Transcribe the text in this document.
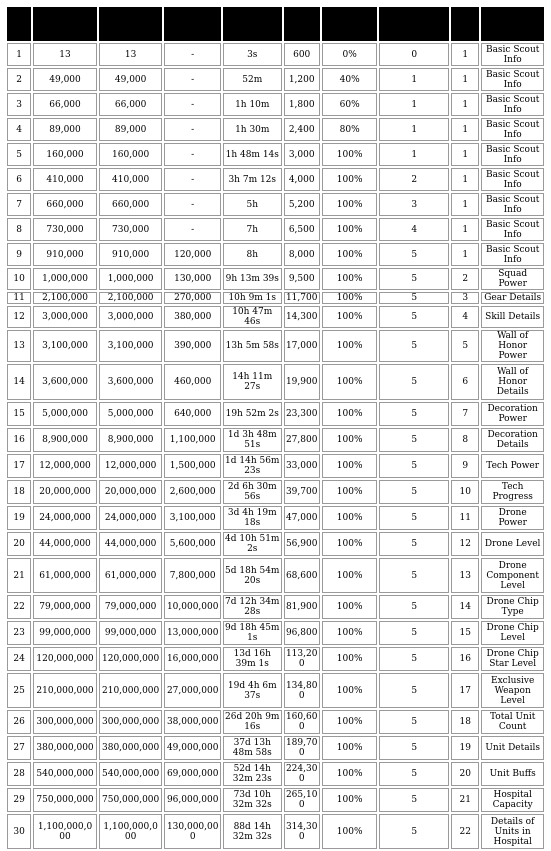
1	13	13	-	3s	600	0%	0	1	Basic Scout Info
2	49,000	49,000	-	52m	1,200	40%	1	1	Basic Scout Info
3	66,000	66,000	-	1h 10m	1,800	60%	1	1	Basic Scout Info
4	89,000	89,000	-	1h 30m	2,400	80%	1	1	Basic Scout Info
5	160,000	160,000	-	1h 48m 14s	3,000	100%	1	1	Basic Scout Info
6	410,000	410,000	-	3h 7m 12s	4,000	100%	2	1	Basic Scout Info
7	660,000	660,000	-	5h	5,200	100%	3	1	Basic Scout Info
8	730,000	730,000	-	7h	6,500	100%	4	1	Basic Scout Info
9	910,000	910,000	120,000	8h	8,000	100%	5	1	Basic Scout Info
10	1,000,000	1,000,000	130,000	9h 13m 39s	9,500	100%	5	2	Squad Power
11	2,100,000	2,100,000	270,000	10h 9m 1s	11,700	100%	5	3	Gear Details
12	3,000,000	3,000,000	380,000	10h 47m 46s	14,300	100%	5	4	Skill Details
13	3,100,000	3,100,000	390,000	13h 5m 58s	17,000	100%	5	5	Wall of Honor Power
14	3,600,000	3,600,000	460,000	14h 11m 27s	19,900	100%	5	6	Wall of Honor Details
15	5,000,000	5,000,000	640,000	19h 52m 2s	23,300	100%	5	7	Decoration Power
16	8,900,000	8,900,000	1,100,000	1d 3h 48m 51s	27,800	100%	5	8	Decoration Details
17	12,000,000	12,000,000	1,500,000	1d 14h 56m 23s	33,000	100%	5	9	Tech Power
18	20,000,000	20,000,000	2,600,000	2d 6h 30m 56s	39,700	100%	5	10	Tech Progress
19	24,000,000	24,000,000	3,100,000	3d 4h 19m 18s	47,000	100%	5	11	Drone Power
20	44,000,000	44,000,000	5,600,000	4d 10h 51m 2s	56,900	100%	5	12	Drone Level
21	61,000,000	61,000,000	7,800,000	5d 18h 54m 20s	68,600	100%	5	13	Drone Component Level
22	79,000,000	79,000,000	10,000,000	7d 12h 34m 28s	81,900	100%	5	14	Drone Chip Type
23	99,000,000	99,000,000	13,000,000	9d 18h 45m 1s	96,800	100%	5	15	Drone Chip Level
24	120,000,000	120,000,000	16,000,000	13d 16h 39m 1s	113,200	100%	5	16	Drone Chip Star Level
25	210,000,000	210,000,000	27,000,000	19d 4h 6m 37s	134,800	100%	5	17	Exclusive Weapon Level
26	300,000,000	300,000,000	38,000,000	26d 20h 9m 16s	160,600	100%	5	18	Total Unit Count
27	380,000,000	380,000,000	49,000,000	37d 13h 48m 58s	189,700	100%	5	19	Unit Details
28	540,000,000	540,000,000	69,000,000	52d 14h 32m 23s	224,300	100%	5	20	Unit Buffs
29	750,000,000	750,000,000	96,000,000	73d 10h 32m 32s	265,100	100%	5	21	Hospital Capacity
30	1,100,000,000	1,100,000,000	130,000,000	88d 14h 32m 32s	314,300	100%	5	22	Details of Units in Hospital
